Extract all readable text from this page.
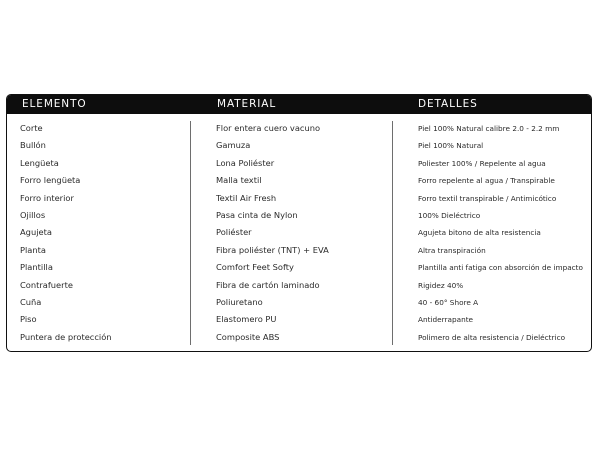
ELEMENTO	MATERIAL	DETALLES
Corte	Flor entera cuero vacuno	Piel 100% Natural calibre 2.0 - 2.2 mm
Bullón	Gamuza	Piel 100% Natural
Lengüeta	Lona Poliéster	Poliester 100% / Repelente al agua
Forro lengüeta	Malla textil	Forro repelente al agua / Transpirable
Forro interior	Textil Air Fresh	Forro textil transpirable / Antimicótico
Ojillos	Pasa cinta de Nylon	100% Dieléctrico
Agujeta	Poliéster	Agujeta bitono de alta resistencia
Planta	Fibra poliéster (TNT) + EVA	Altra transpiración
Plantilla	Comfort Feet Softy	Plantilla anti fatiga con absorción de impacto
Contrafuerte	Fibra de cartón laminado	Rigidez 40%
Cuña	Poliuretano	40 - 60° Shore A
Piso	Elastomero PU	Antiderrapante
Puntera de protección	Composite ABS	Polimero de alta resistencia / Dieléctrico
